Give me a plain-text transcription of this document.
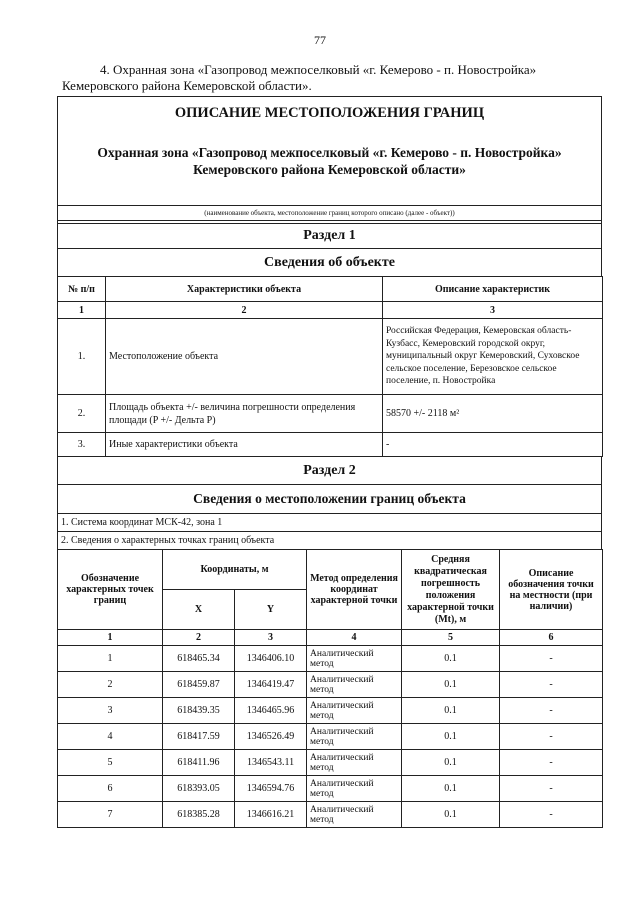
77
4. Охранная зона «Газопровод межпоселковый «г. Кемерово - п. Новостройка» Кемеровского района Кемеровской области».
ОПИСАНИЕ МЕСТОПОЛОЖЕНИЯ ГРАНИЦ
Охранная зона «Газопровод межпоселковый «г. Кемерово - п. Новостройка»
Кемеровского района Кемеровской области»
(наименование объекта, местоположение границ которого описано (далее - объект))
Раздел 1
Сведения об объекте
№ п/п	Характеристики объекта	Описание характеристик
1	2	3
1.	Местоположение объекта	Российская Федерация, Кемеровская область-Кузбасс, Кемеровский городской округ, муниципальный округ Кемеровский, Суховское сельское поселение, Березовское сельское поселение, п. Новостройка
2.	Площадь объекта +/- величина погрешности определения площади (P +/- Дельта P)	58570 +/- 2118 м²
3.	Иные характеристики объекта	-
Раздел 2
Сведения о местоположении границ объекта
1. Система координат МСК-42, зона 1
2. Сведения о характерных точках границ объекта
Обозначение характерных точек границ	Координаты, м		Метод определения координат характерной точки	Средняя квадратическая погрешность положения характерной точки (Mt), м	Описание обозначения точки на местности (при наличии)
	X	Y			
1	2	3	4	5	6
1	618465.34	1346406.10	Аналитический метод	0.1	-
2	618459.87	1346419.47	Аналитический метод	0.1	-
3	618439.35	1346465.96	Аналитический метод	0.1	-
4	618417.59	1346526.49	Аналитический метод	0.1	-
5	618411.96	1346543.11	Аналитический метод	0.1	-
6	618393.05	1346594.76	Аналитический метод	0.1	-
7	618385.28	1346616.21	Аналитический метод	0.1	-
